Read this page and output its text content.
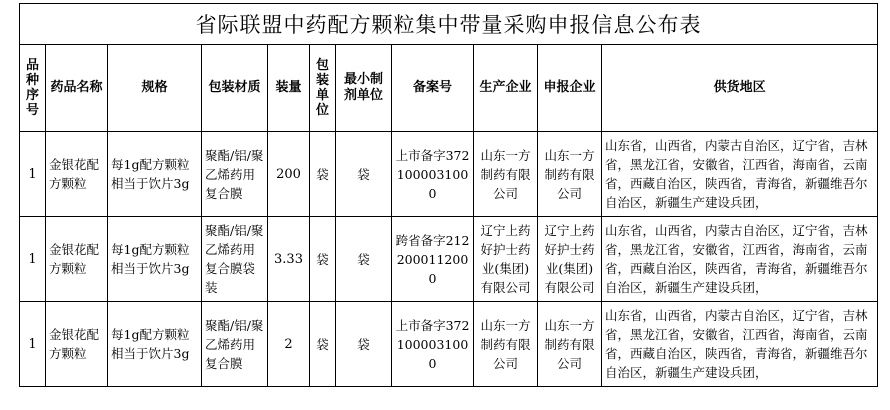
省际联盟中药配方颗粒集中带量采购申报信息公布表										
品种序号	药品名称	规格	包装材质	装量	包装单位	最小制剂单位	备案号	生产企业	申报企业	供货地区
1	金银花配方颗粒	每1g配方颗粒相当于饮片3g	聚酯/铝/聚乙烯药用复合膜	200	袋	袋	上市备字3721000031000	山东一方制药有限公司	山东一方制药有限公司	山东省，山西省，内蒙古自治区，辽宁省，吉林省，黑龙江省，安徽省，江西省，海南省，云南省，西藏自治区，陕西省，青海省，新疆维吾尔自治区，新疆生产建设兵团，
1	金银花配方颗粒	每1g配方颗粒相当于饮片3g	聚酯/铝/聚乙烯药用复合膜袋装	3.33	袋	袋	跨省备字2122000112000	辽宁上药好护士药业(集团)有限公司	辽宁上药好护士药业(集团)有限公司	山东省，山西省，内蒙古自治区，辽宁省，吉林省，黑龙江省，安徽省，江西省，海南省，云南省，西藏自治区，陕西省，青海省，新疆维吾尔自治区，新疆生产建设兵团，
1	金银花配方颗粒	每1g配方颗粒相当于饮片3g	聚酯/铝/聚乙烯药用复合膜	2	袋	袋	上市备字3721000031000	山东一方制药有限公司	山东一方制药有限公司	山东省，山西省，内蒙古自治区，辽宁省，吉林省，黑龙江省，安徽省，江西省，海南省，云南省，西藏自治区，陕西省，青海省，新疆维吾尔自治区，新疆生产建设兵团，
